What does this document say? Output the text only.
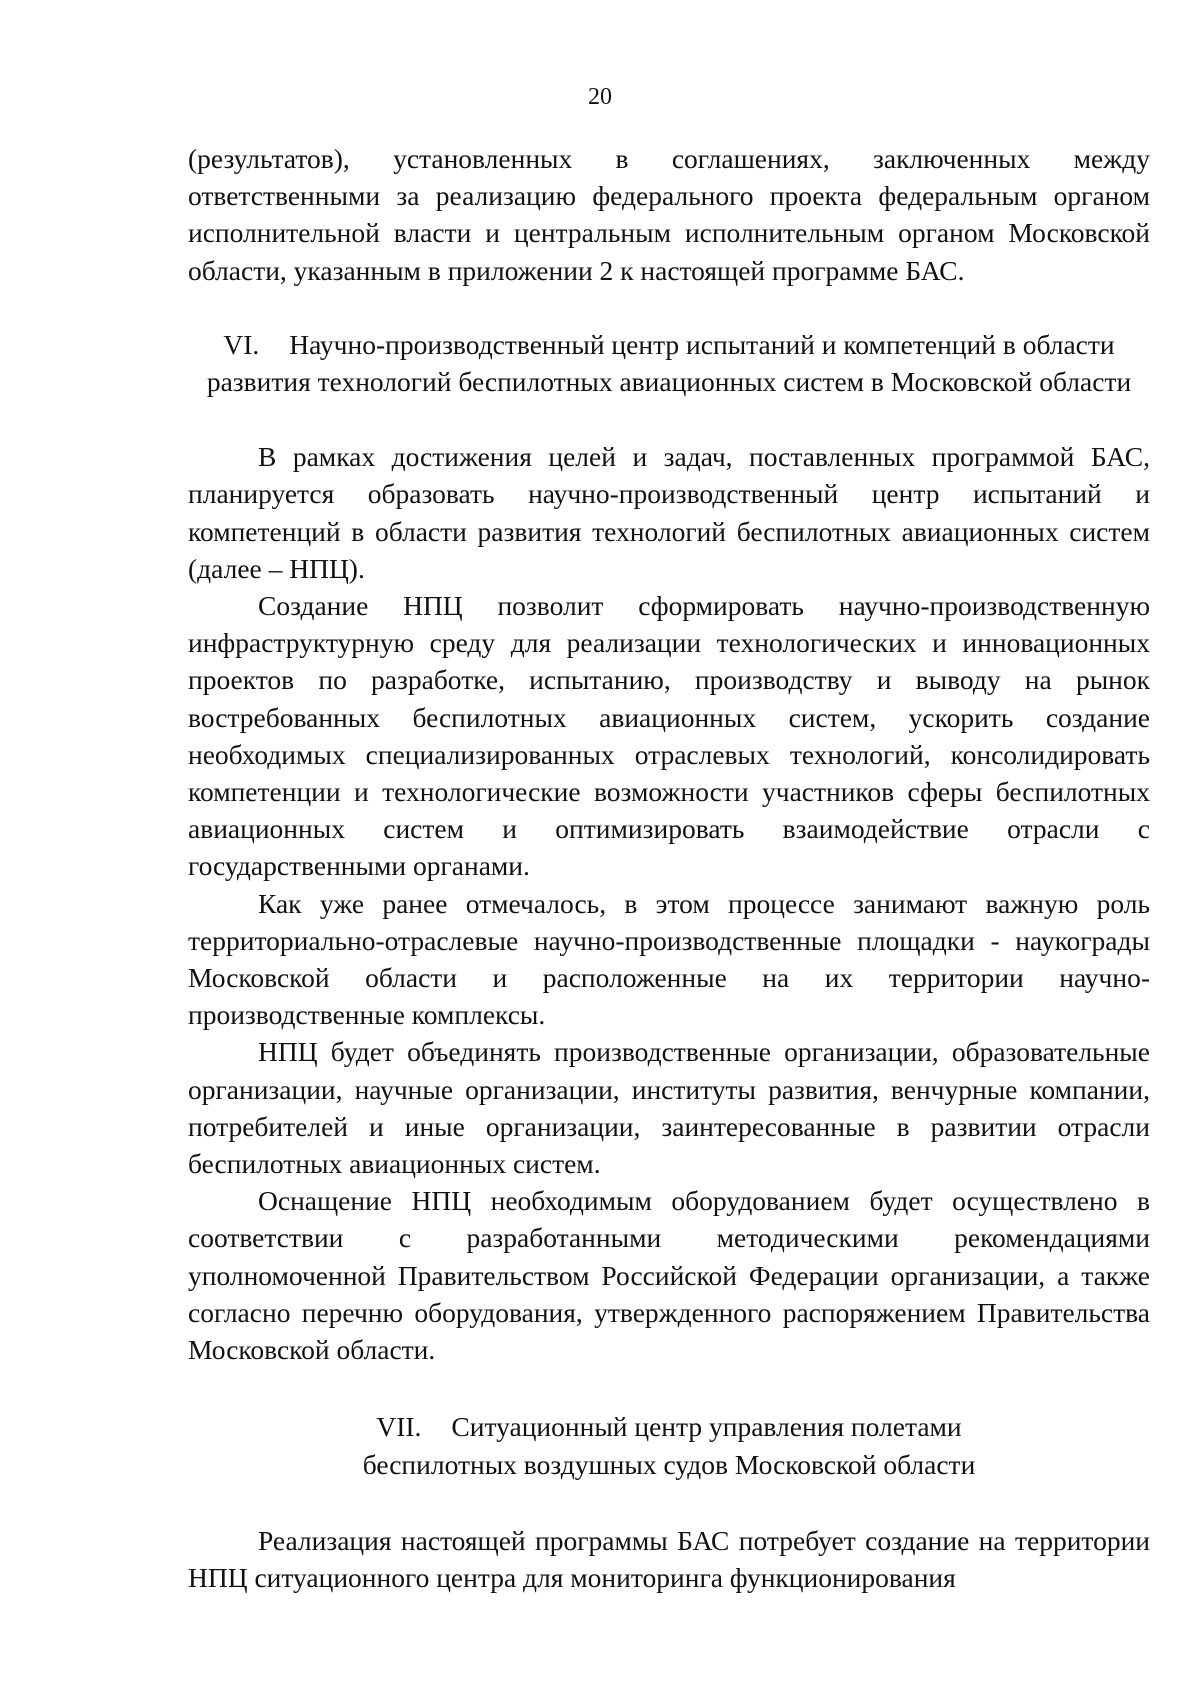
20

(результатов), установленных в соглашениях, заключенных между ответственными за реализацию федерального проекта федеральным органом исполнительной власти и центральным исполнительным органом Московской области, указанным в приложении 2 к настоящей программе БАС.

VI. Научно-производственный центр испытаний и компетенций в области
развития технологий беспилотных авиационных систем в Московской области

В рамках достижения целей и задач, поставленных программой БАС, планируется образовать научно-производственный центр испытаний и компетенций в области развития технологий беспилотных авиационных систем (далее – НПЦ).

Создание НПЦ позволит сформировать научно-производственную инфраструктурную среду для реализации технологических и инновационных проектов по разработке, испытанию, производству и выводу на рынок востребованных беспилотных авиационных систем, ускорить создание необходимых специализированных отраслевых технологий, консолидировать компетенции и технологические возможности участников сферы беспилотных авиационных систем и оптимизировать взаимодействие отрасли с государственными органами.

Как уже ранее отмечалось, в этом процессе занимают важную роль территориально-отраслевые научно-производственные площадки - наукограды Московской области и расположенные на их территории научно-производственные комплексы.

НПЦ будет объединять производственные организации, образовательные организации, научные организации, институты развития, венчурные компании, потребителей и иные организации, заинтересованные в развитии отрасли беспилотных авиационных систем.

Оснащение НПЦ необходимым оборудованием будет осуществлено в соответствии с разработанными методическими рекомендациями уполномоченной Правительством Российской Федерации организации, а также согласно перечню оборудования, утвержденного распоряжением Правительства Московской области.

VII. Ситуационный центр управления полетами
беспилотных воздушных судов Московской области

Реализация настоящей программы БАС потребует создание на территории НПЦ ситуационного центра для мониторинга функционирования
